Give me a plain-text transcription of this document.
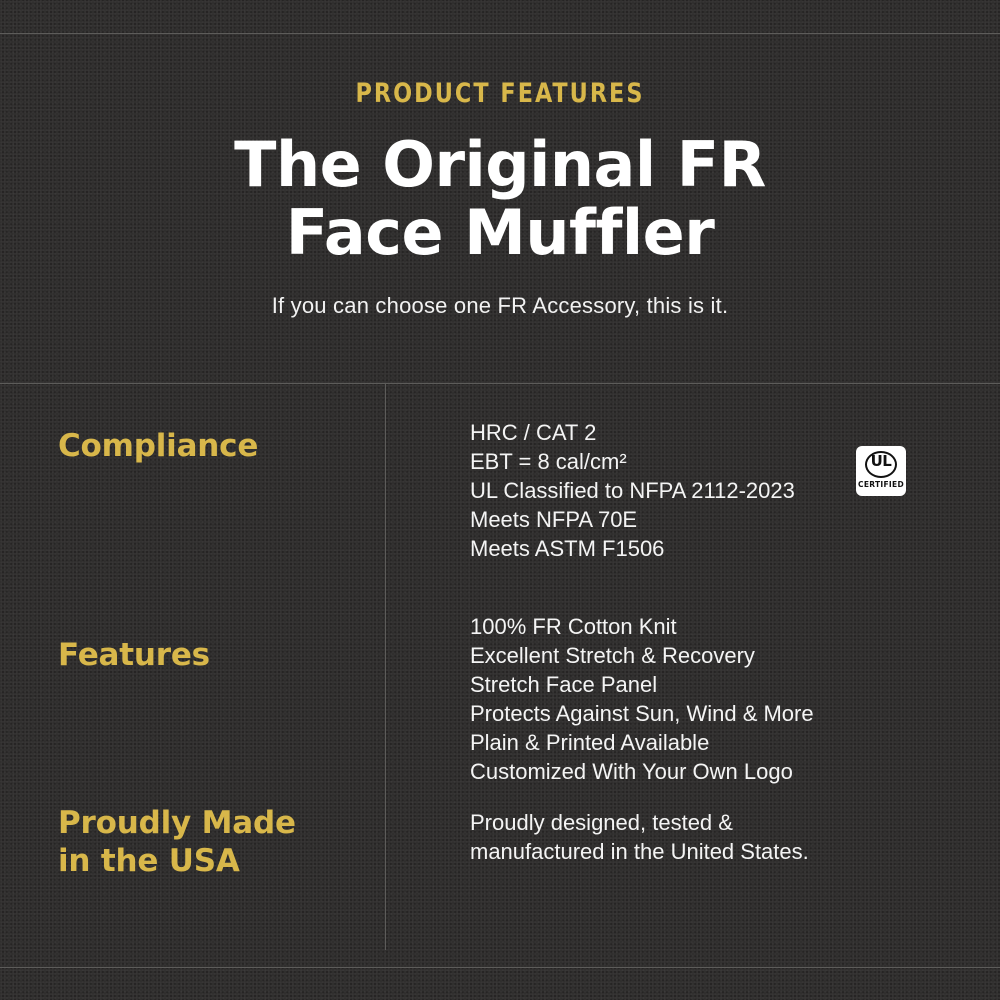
PRODUCT FEATURES
The Original FR
Face Muffler
If you can choose one FR Accessory, this is it.
Compliance	HRC / CAT 2
EBT = 8 cal/cm²
UL Classified to NFPA 2112-2023
Meets NFPA 70E
Meets ASTM F1506
Features
100% FR Cotton Knit
Excellent Stretch & Recovery
Stretch Face Panel
Protects Against Sun, Wind & More
Plain & Printed Available
Customized With Your Own Logo
Proudly Made
in the USA
Proudly designed, tested &
manufactured in the United States.
UL
CERTIFIED
